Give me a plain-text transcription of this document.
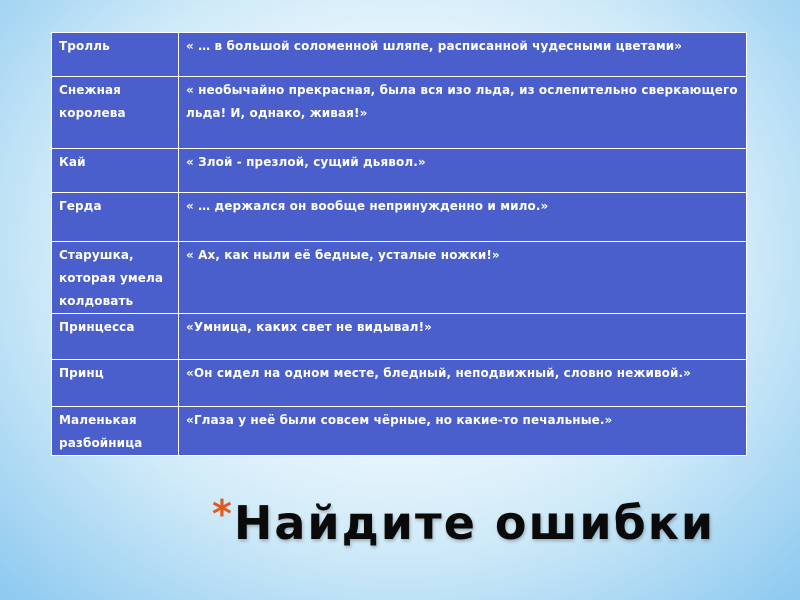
Тролль	« … в большой соломенной шляпе, расписанной чудесными цветами»
Снежная королева	« необычайно прекрасная, была вся изо льда, из ослепительно сверкающего льда! И, однако, живая!»
Кай	« Злой - презлой, сущий дьявол.»
Герда	« … держался он вообще непринужденно и мило.»
Старушка, которая умела колдовать	« Ах, как ныли её бедные, усталые ножки!»
Принцесса	«Умница, каких свет не видывал!»
Принц	«Он сидел на одном месте, бледный, неподвижный, словно неживой.»
Маленькая разбойница	«Глаза у неё были совсем чёрные, но какие-то печальные.»
*Найдите ошибки
